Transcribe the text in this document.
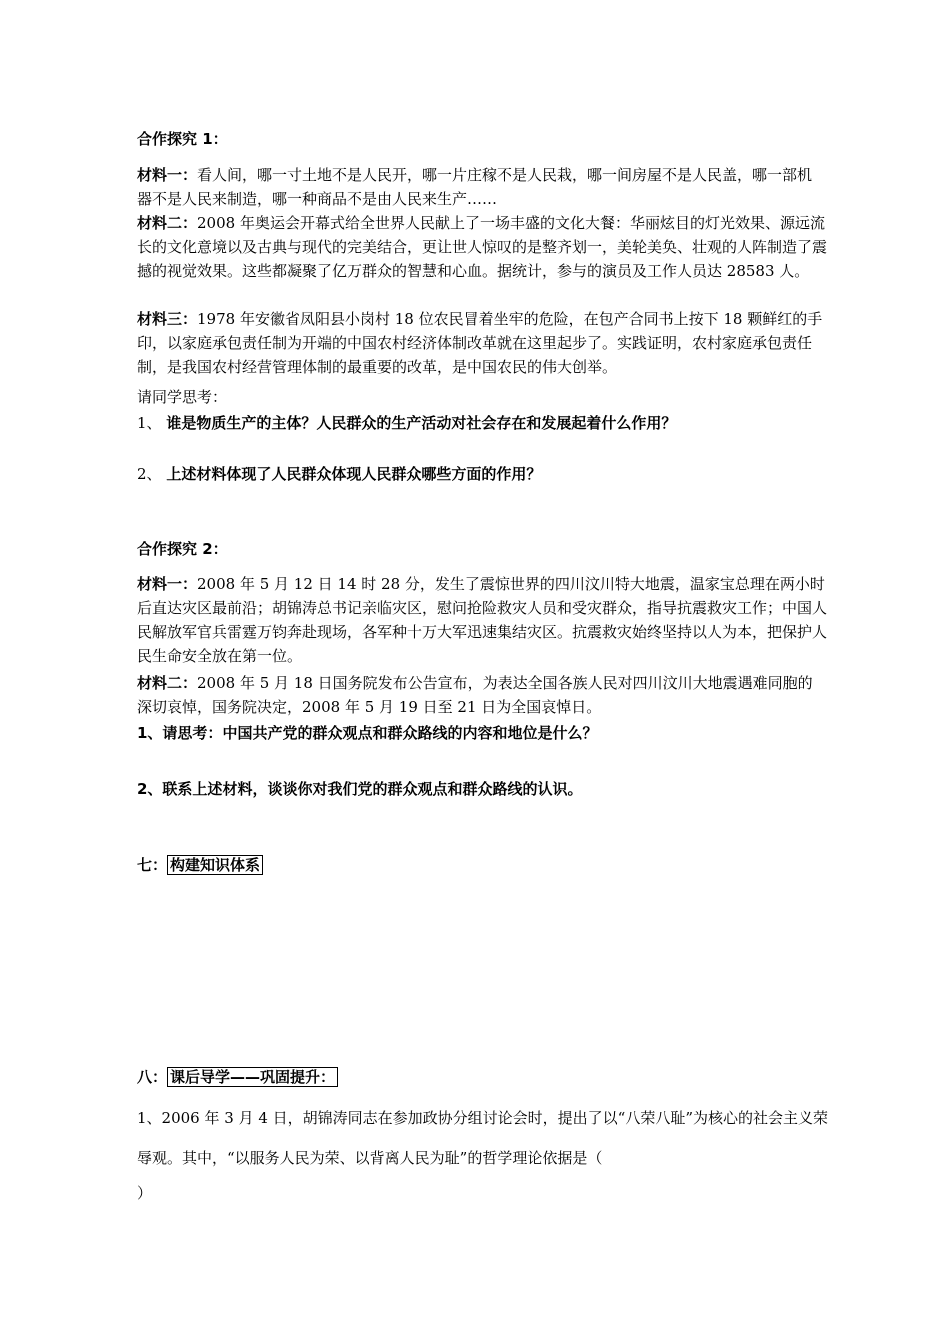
合作探究 1：
材料一：看人间，哪一寸土地不是人民开，哪一片庄稼不是人民栽，哪一间房屋不是人民盖，哪一部机器不是人民来制造，哪一种商品不是由人民来生产……
材料二：2008 年奥运会开幕式给全世界人民献上了一场丰盛的文化大餐：华丽炫目的灯光效果、源远流长的文化意境以及古典与现代的完美结合，更让世人惊叹的是整齐划一，美轮美奂、壮观的人阵制造了震撼的视觉效果。这些都凝聚了亿万群众的智慧和心血。据统计，参与的演员及工作人员达 28583 人。
材料三：1978 年安徽省凤阳县小岗村 18 位农民冒着坐牢的危险，在包产合同书上按下 18 颗鲜红的手印，以家庭承包责任制为开端的中国农村经济体制改革就在这里起步了。实践证明，农村家庭承包责任制，是我国农村经营管理体制的最重要的改革，是中国农民的伟大创举。
请同学思考：
1、 谁是物质生产的主体？人民群众的生产活动对社会存在和发展起着什么作用？
2、 上述材料体现了人民群众体现人民群众哪些方面的作用？
合作探究 2：
材料一：2008 年 5 月 12 日 14 时 28 分，发生了震惊世界的四川汶川特大地震，温家宝总理在两小时后直达灾区最前沿；胡锦涛总书记亲临灾区，慰问抢险救灾人员和受灾群众，指导抗震救灾工作；中国人民解放军官兵雷霆万钧奔赴现场，各军种十万大军迅速集结灾区。抗震救灾始终坚持以人为本，把保护人民生命安全放在第一位。
材料二：2008 年 5 月 18 日国务院发布公告宣布，为表达全国各族人民对四川汶川大地震遇难同胞的深切哀悼，国务院决定，2008 年 5 月 19 日至 21 日为全国哀悼日。
1、请思考：中国共产党的群众观点和群众路线的内容和地位是什么？
2、联系上述材料，谈谈你对我们党的群众观点和群众路线的认识。
七： 构建知识体系
八： 课后导学——巩固提升：
1、2006 年 3 月 4 日，胡锦涛同志在参加政协分组讨论会时，提出了以“八荣八耻”为核心的社会主义荣辱观。其中，“以服务人民为荣、以背离人民为耻”的哲学理论依据是（
）
